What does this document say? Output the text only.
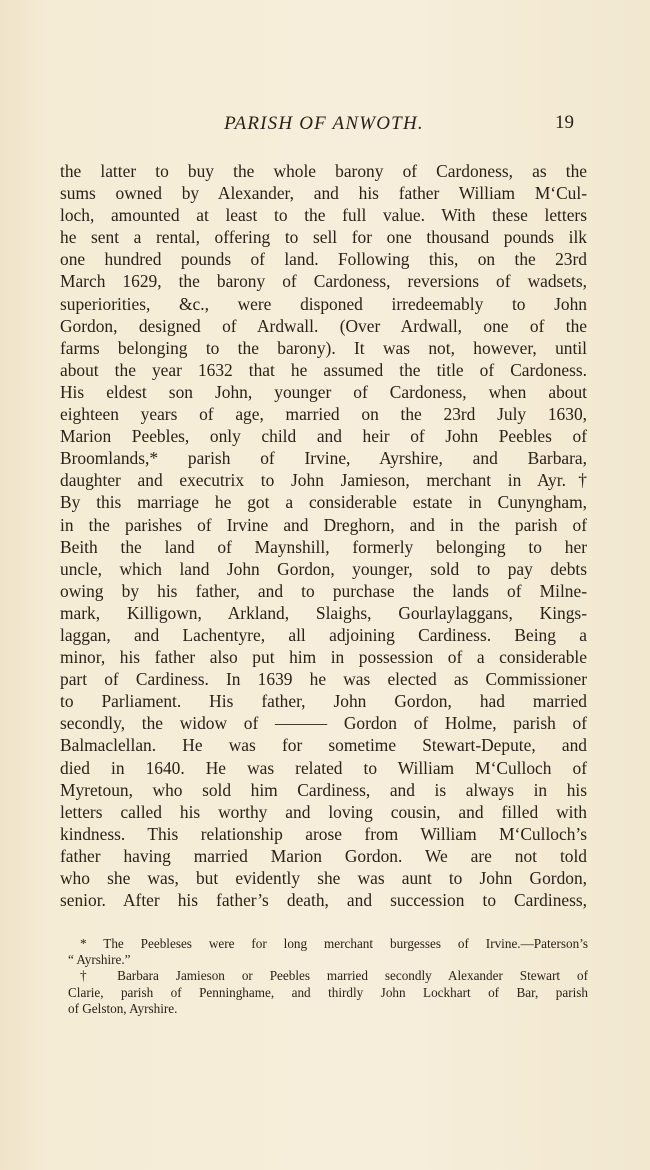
PARISH OF ANWOTH.	19
the latter to buy the whole barony of Cardoness, as the
sums owned by Alexander, and his father William M‘Cul-
loch, amounted at least to the full value. With these letters
he sent a rental, offering to sell for one thousand pounds ilk
one hundred pounds of land. Following this, on the 23rd
March 1629, the barony of Cardoness, reversions of wadsets,
superiorities, &c., were disponed irredeemably to John
Gordon, designed of Ardwall. (Over Ardwall, one of the
farms belonging to the barony). It was not, however, until
about the year 1632 that he assumed the title of Cardoness.
His eldest son John, younger of Cardoness, when about
eighteen years of age, married on the 23rd July 1630,
Marion Peebles, only child and heir of John Peebles of
Broomlands,* parish of Irvine, Ayrshire, and Barbara,
daughter and executrix to John Jamieson, merchant in Ayr.†
By this marriage he got a considerable estate in Cunyngham,
in the parishes of Irvine and Dreghorn, and in the parish of
Beith the land of Maynshill, formerly belonging to her
uncle, which land John Gordon, younger, sold to pay debts
owing by his father, and to purchase the lands of Milne-
mark, Killigown, Arkland, Slaighs, Gourlaylaggans, Kings-
laggan, and Lachentyre, all adjoining Cardiness. Being a
minor, his father also put him in possession of a considerable
part of Cardiness. In 1639 he was elected as Commissioner
to Parliament. His father, John Gordon, had married
secondly, the widow of ——— Gordon of Holme, parish of
Balmaclellan. He was for sometime Stewart-Depute, and
died in 1640. He was related to William M‘Culloch of
Myretoun, who sold him Cardiness, and is always in his
letters called his worthy and loving cousin, and filled with
kindness. This relationship arose from William M‘Culloch’s
father having married Marion Gordon. We are not told
who she was, but evidently she was aunt to John Gordon,
senior. After his father’s death, and succession to Cardiness,
* The Peebleses were for long merchant burgesses of Irvine.—Paterson’s
“ Ayrshire.”
† Barbara Jamieson or Peebles married secondly Alexander Stewart of
Clarie, parish of Penninghame, and thirdly John Lockhart of Bar, parish
of Gelston, Ayrshire.
